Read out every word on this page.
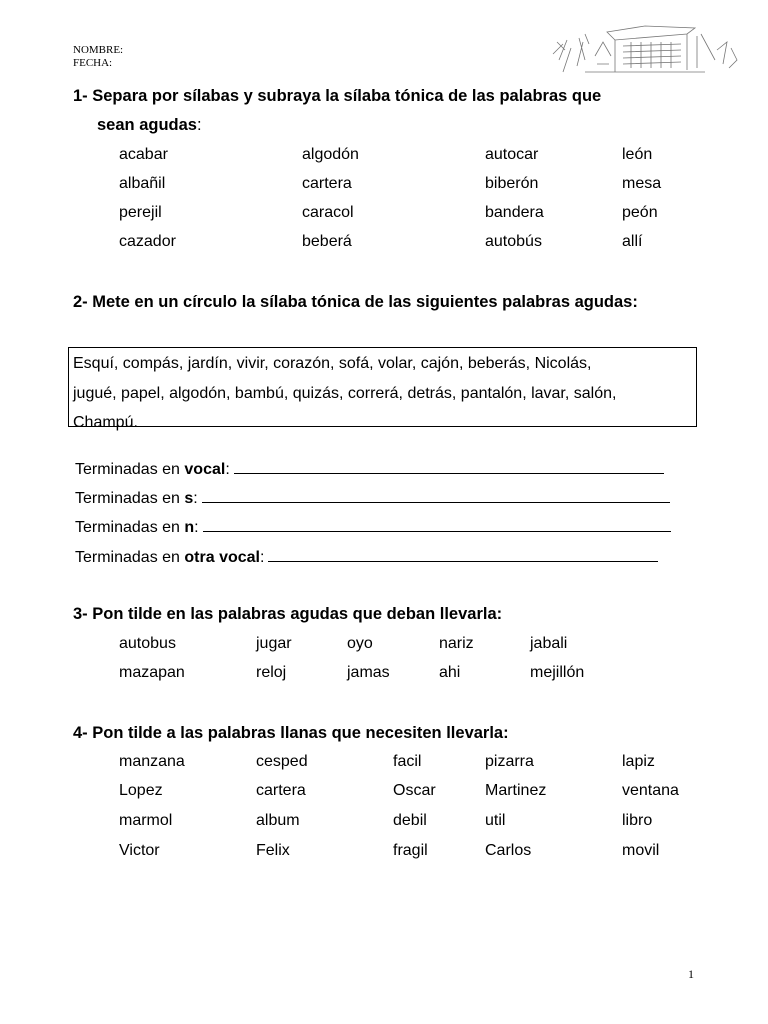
NOMBRE:
FECHA:
1- Separa por sílabas y subraya la sílaba tónica de las palabras que
sean agudas:
acabar	algodón	autocar	león
albañil	cartera	biberón	mesa
perejil	caracol	bandera	peón
cazador	beberá	autobús	allí
2- Mete en un círculo la sílaba tónica de las siguientes palabras agudas:
Esquí, compás, jardín, vivir, corazón, sofá, volar, cajón, beberás, Nicolás,
jugué, papel, algodón, bambú, quizás, correrá, detrás, pantalón, lavar, salón,
Champú.
Terminadas en vocal:
Terminadas en s:
Terminadas en n:
Terminadas en otra vocal:
3- Pon tilde en las palabras agudas que deban llevarla:
autobus	jugar	oyo	nariz	jabali
mazapan	reloj	jamas	ahi	mejillón
4- Pon tilde a las palabras llanas que necesiten llevarla:
manzana	cesped	facil	pizarra	lapiz
Lopez	cartera	Oscar	Martinez	ventana
marmol	album	debil	util	libro
Victor	Felix	fragil	Carlos	movil
1
